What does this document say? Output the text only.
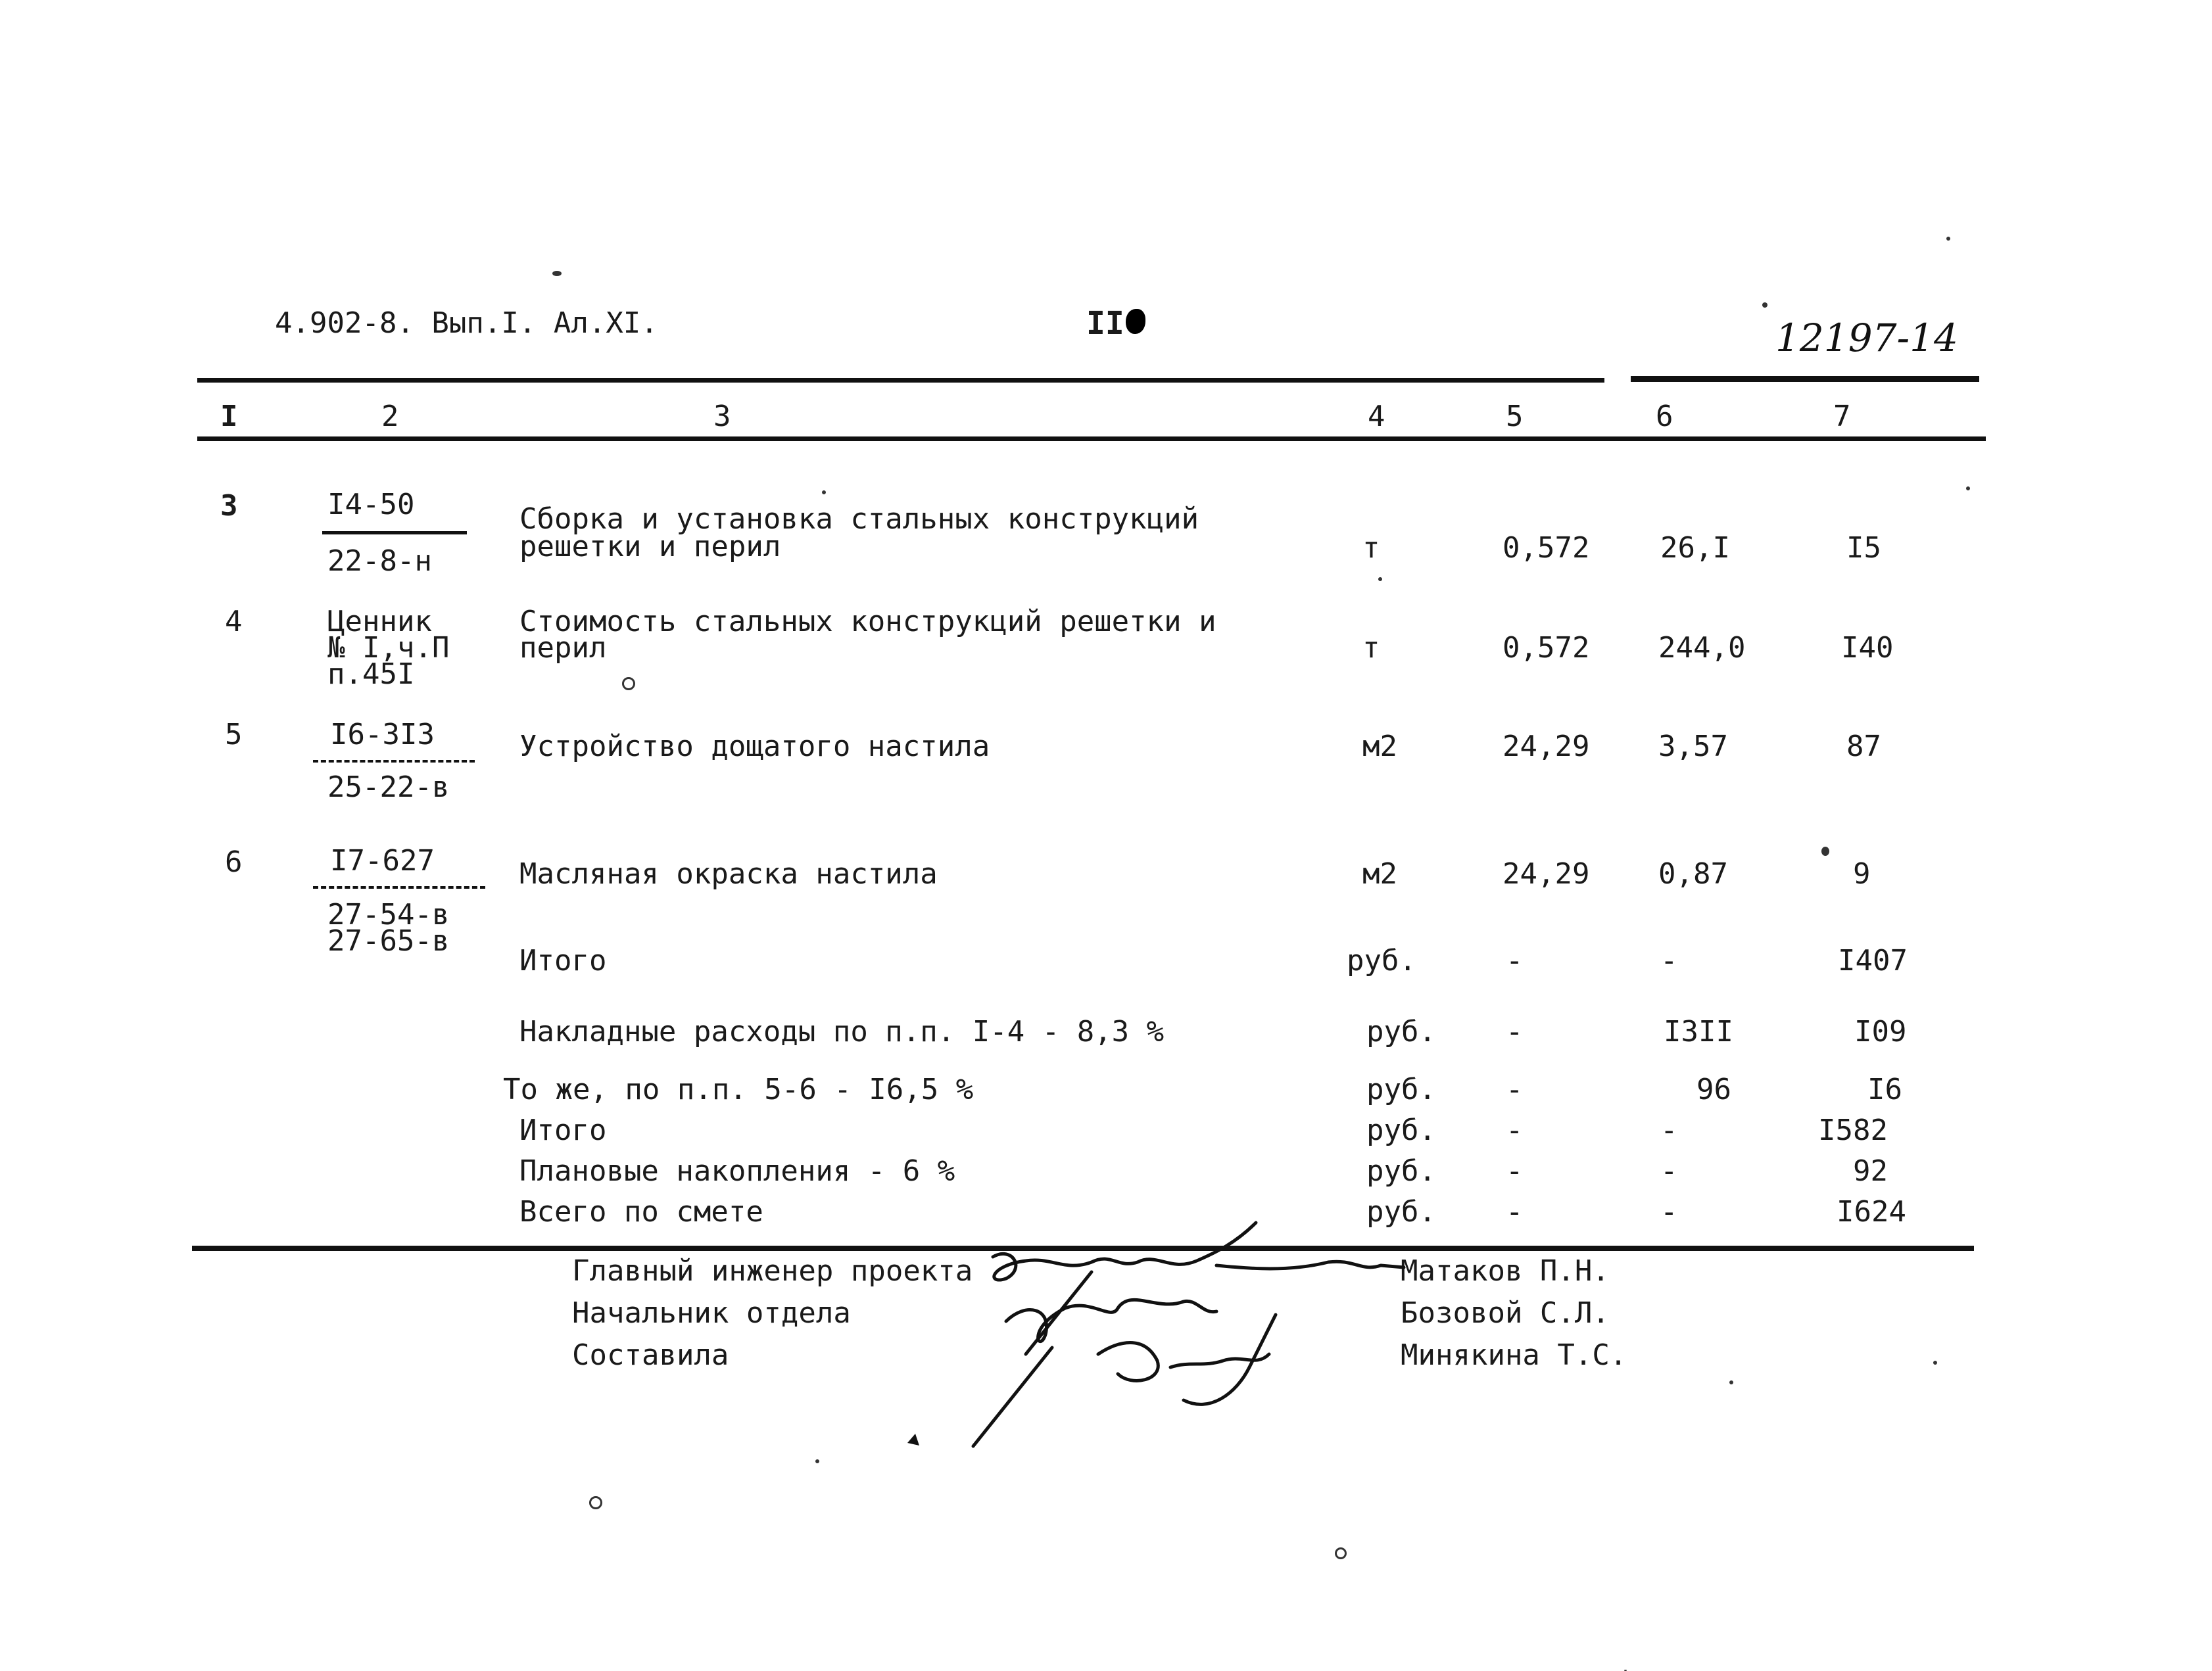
4.902-8. Вып.I. Ал.XI.	II	12197-14
I	2	3	4	5	6	7
3	I4-50
22-8-н
Сборка и установка стальных конструкций
решетки и перил	т	0,572 26,I	I5
4	Ценник
№ I,ч.П
п.45I
Стоимость стальных конструкций решетки и
перил	т	0,572 244,0	I40
5	I6-3I3
25-22-в
Устройство дощатого настила	м2	24,29 3,57	87
6	I7-627
27-54-в
27-65-в
Масляная окраска настила	м2	24,29 0,87	9
Итого	руб.	-	-	I407
Накладные расходы по п.п. I-4 - 8,3 %	руб. -	I3II	I09
То же, по п.п. 5-6 - I6,5 %	руб. -	96	I6
Итого	руб. -	-	I582
Плановые накопления - 6 %	руб. -	-	92
Всего по смете	руб. -	-	I624
Главный инженер проекта	Матаков П.Н.
Начальник отдела	Бозовой С.Л.
Составила	Минякина Т.С.
